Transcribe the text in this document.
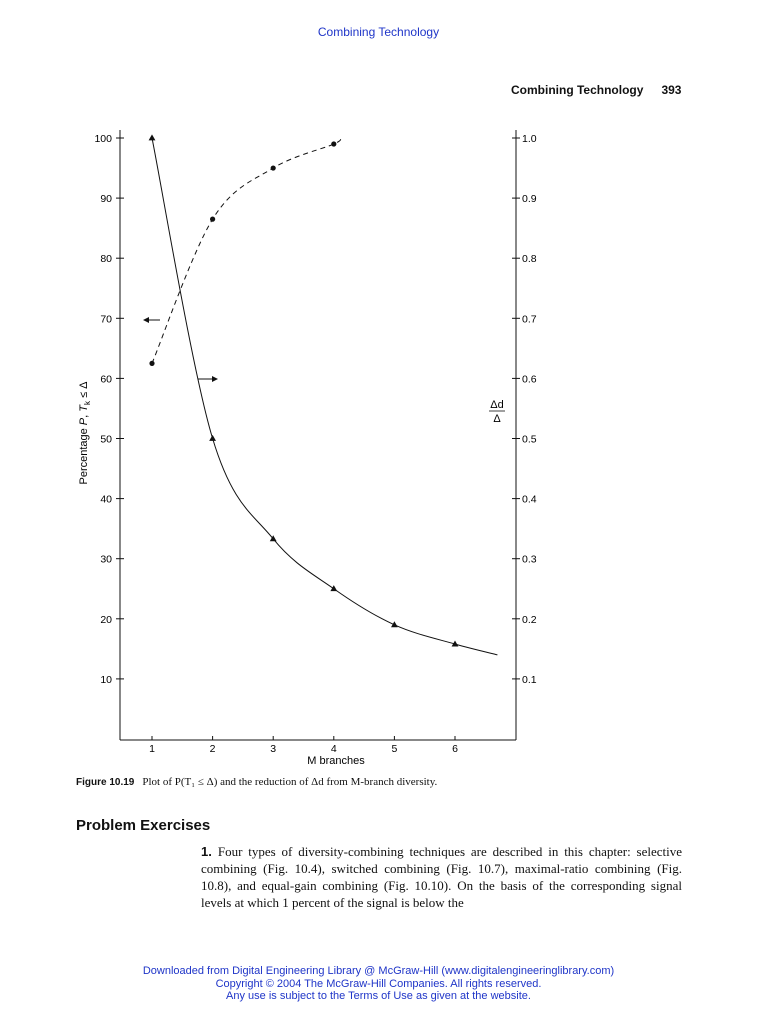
Combining Technology
Combining Technology 393
10
20
30
40
50
60
70
80
90
100
0.1
0.2
0.3
0.4
0.5
0.6
0.7
0.8
0.9
1.0
1	2	3	4	5	6
M branches
Percentage P, $T_k \le \Delta$
Δd
Δ
Figure 10.19 Plot of P(T₁ ≤ Δ) and the reduction of Δd from M-branch diversity.
Problem Exercises
1. Four types of diversity-combining techniques are described in this chapter: selective combining (Fig. 10.4), switched combining (Fig. 10.7), maximal-ratio combining (Fig. 10.8), and equal-gain combining (Fig. 10.10). On the basis of the corresponding signal levels at which 1 percent of the signal is below the
Downloaded from Digital Engineering Library @ McGraw-Hill (www.digitalengineeringlibrary.com)
Copyright © 2004 The McGraw-Hill Companies. All rights reserved.
Any use is subject to the Terms of Use as given at the website.
